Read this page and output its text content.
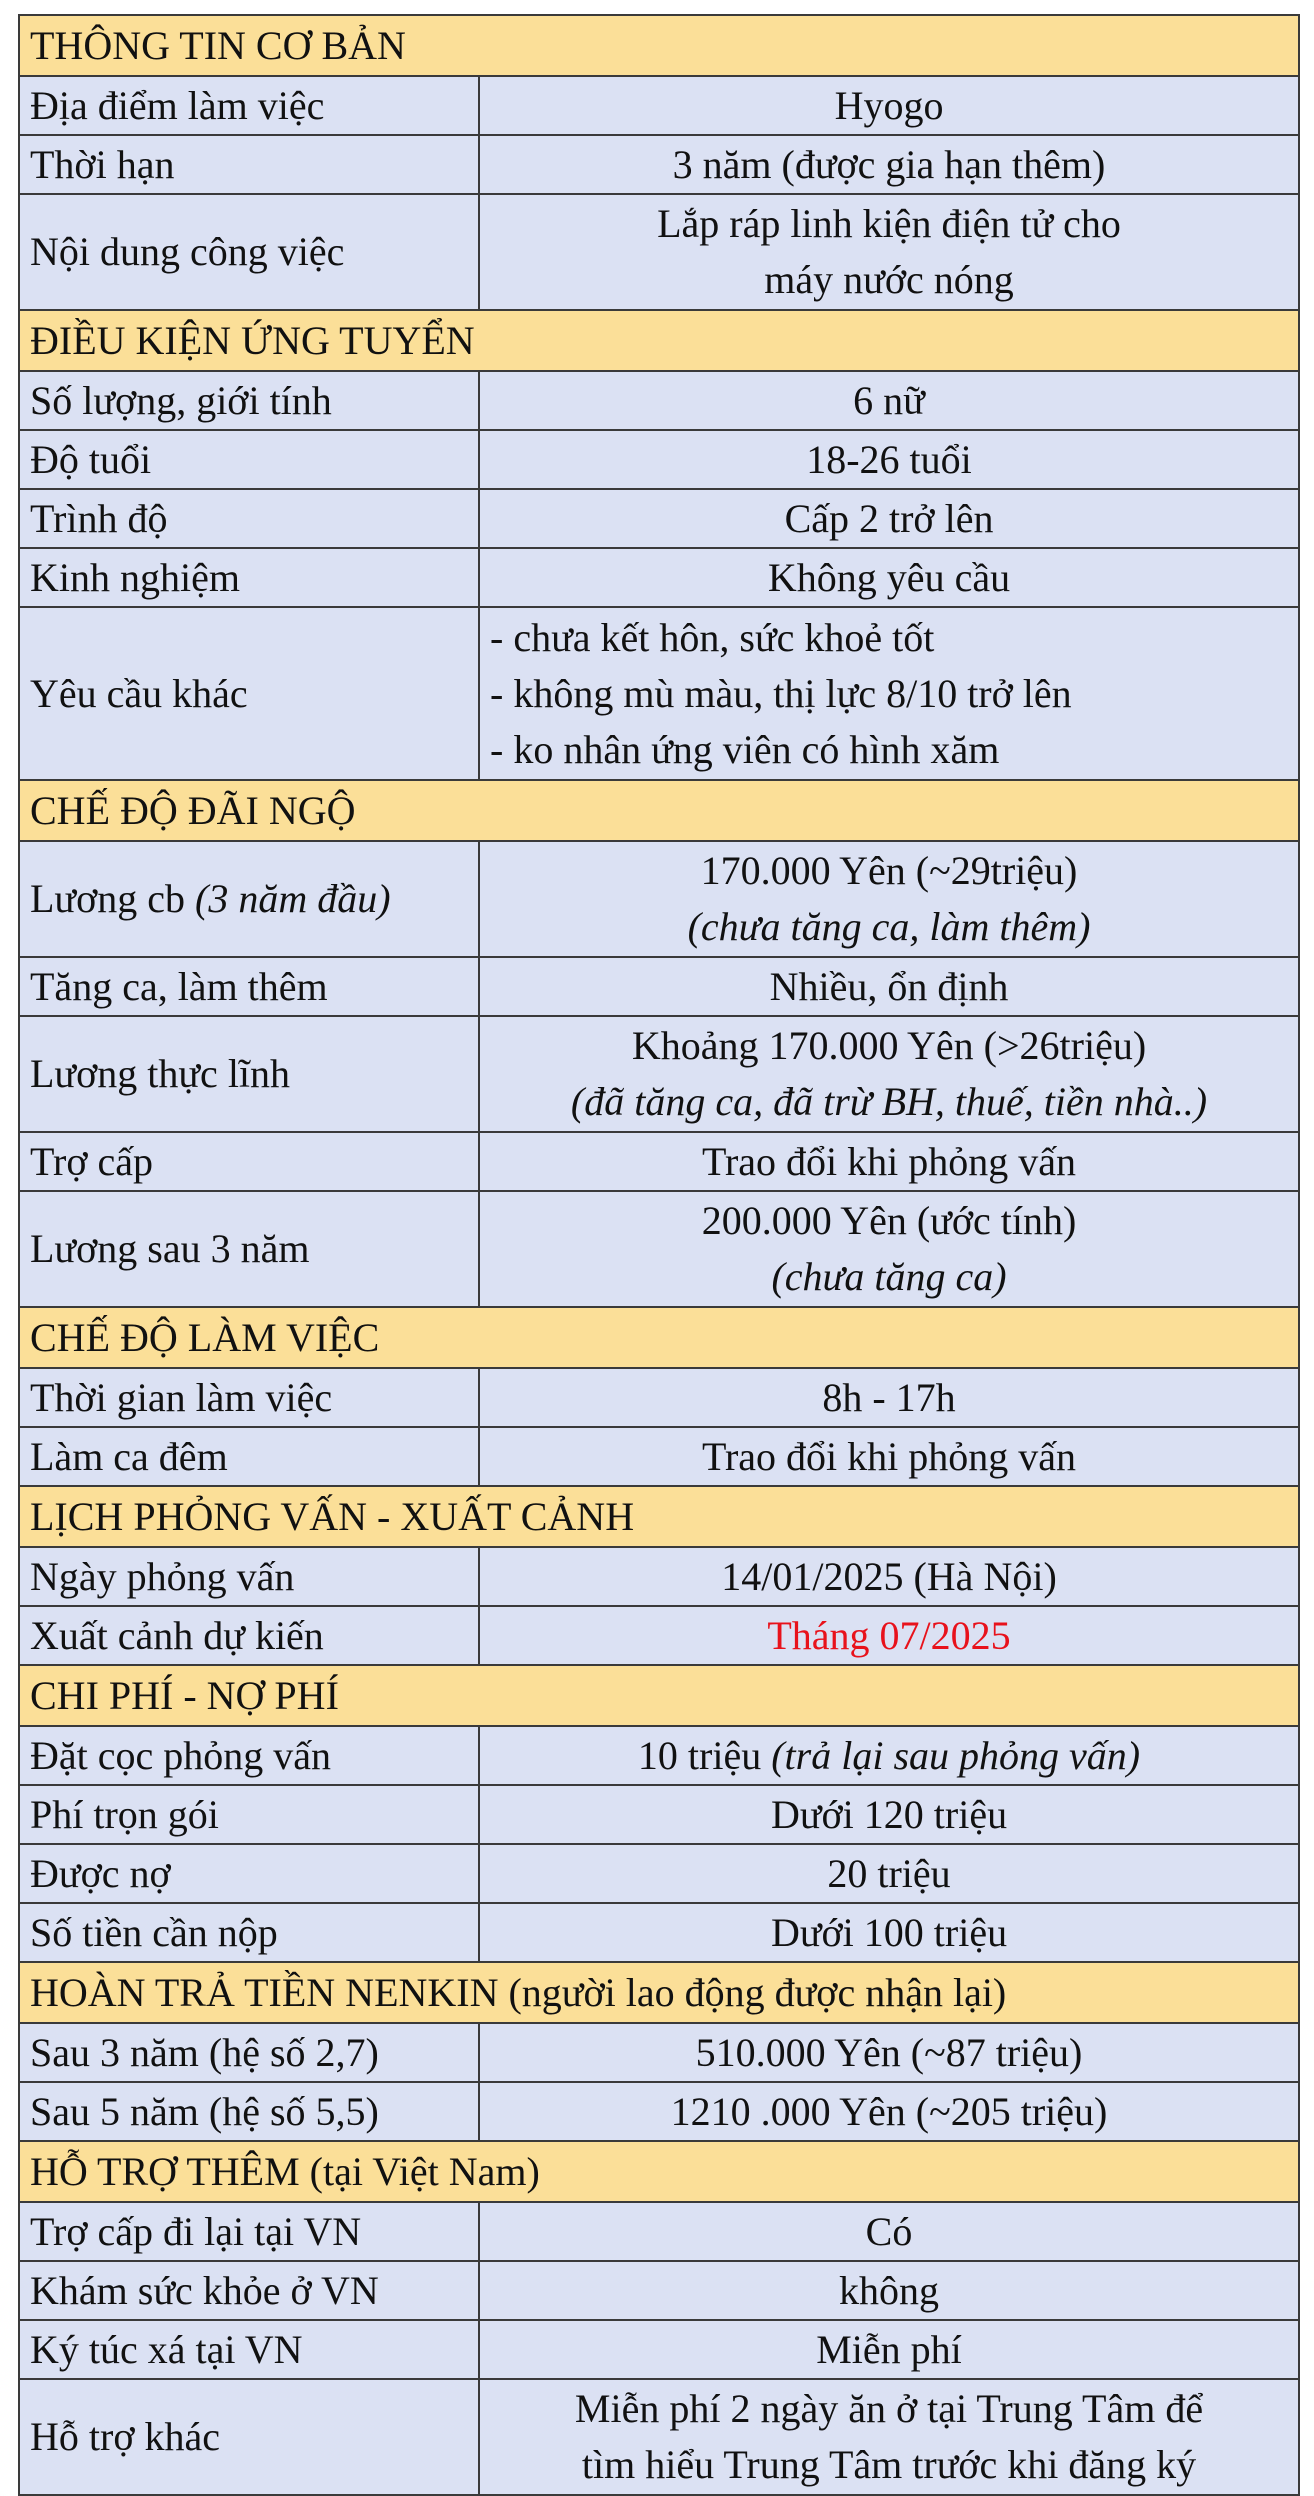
THÔNG TIN CƠ BẢN	
Địa điểm làm việc	Hyogo
Thời hạn	3 năm (được gia hạn thêm)
Nội dung công việc	Lắp ráp linh kiện điện tử cho
máy nước nóng

ĐIỀU KIỆN ỨNG TUYỂN	
Số lượng, giới tính	6 nữ
Độ tuổi	18-26 tuổi
Trình độ	Cấp 2 trở lên
Kinh nghiệm	Không yêu cầu
Yêu cầu khác	- chưa kết hôn, sức khoẻ tốt
- không mù màu, thị lực 8/10 trở lên
- ko nhân ứng viên có hình xăm

CHẾ ĐỘ ĐÃI NGỘ	
Lương cb (3 năm đầu)	170.000 Yên (~29triệu)
(chưa tăng ca, làm thêm)

Tăng ca, làm thêm	Nhiều, ổn định
Lương thực lĩnh	Khoảng 170.000 Yên (>26triệu)
(đã tăng ca, đã trừ BH, thuế, tiền nhà..)

Trợ cấp	Trao đổi khi phỏng vấn
Lương sau 3 năm	200.000 Yên (ước tính)
(chưa tăng ca)

CHẾ ĐỘ LÀM VIỆC	
Thời gian làm việc	8h - 17h
Làm ca đêm	Trao đổi khi phỏng vấn
LỊCH PHỎNG VẤN - XUẤT CẢNH	
Ngày phỏng vấn	14/01/2025 (Hà Nội)
Xuất cảnh dự kiến	Tháng 07/2025
CHI PHÍ - NỢ PHÍ	
Đặt cọc phỏng vấn	10 triệu (trả lại sau phỏng vấn)
Phí trọn gói	Dưới 120 triệu
Được nợ	20 triệu
Số tiền cần nộp	Dưới 100 triệu
HOÀN TRẢ TIỀN NENKIN (người lao động được nhận lại)	
Sau 3 năm (hệ số 2,7)	510.000 Yên (~87 triệu)
Sau 5 năm (hệ số 5,5)	1210 .000 Yên (~205 triệu)
HỖ TRỢ THÊM (tại Việt Nam)	
Trợ cấp đi lại tại VN	Có
Khám sức khỏe ở VN	không
Ký túc xá tại VN	Miễn phí
Hỗ trợ khác	Miễn phí 2 ngày ăn ở tại Trung Tâm để
tìm hiểu Trung Tâm trước khi đăng ký
